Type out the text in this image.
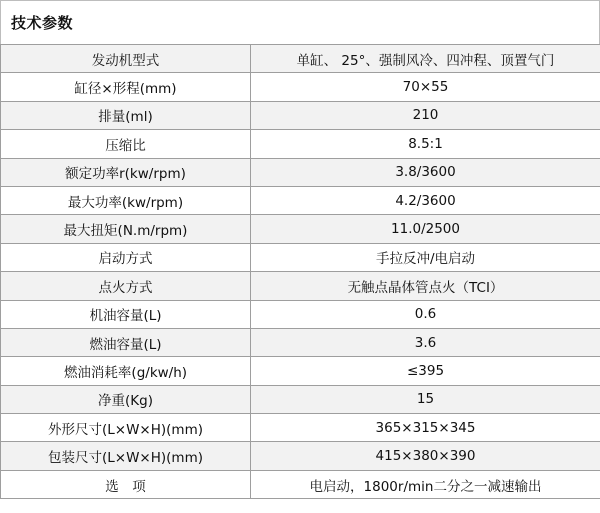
技术参数
发动机型式	单缸、 25°、强制风冷、四冲程、顶置气门
缸径×形程(mm)	70×55
排量(ml)	210
压缩比	8.5:1
额定功率r(kw/rpm)	3.8/3600
最大功率(kw/rpm)	4.2/3600
最大扭矩(N.m/rpm)	11.0/2500
启动方式	手拉反冲/电启动
点火方式	无触点晶体管点火（TCI）
机油容量(L)	0.6
燃油容量(L)	3.6
燃油消耗率(g/kw/h)	≤395
净重(Kg)	15
外形尺寸(L×W×H)(mm)	365×315×345
包装尺寸(L×W×H)(mm)	415×380×390
选　项	电启动，1800r/min二分之一减速输出
